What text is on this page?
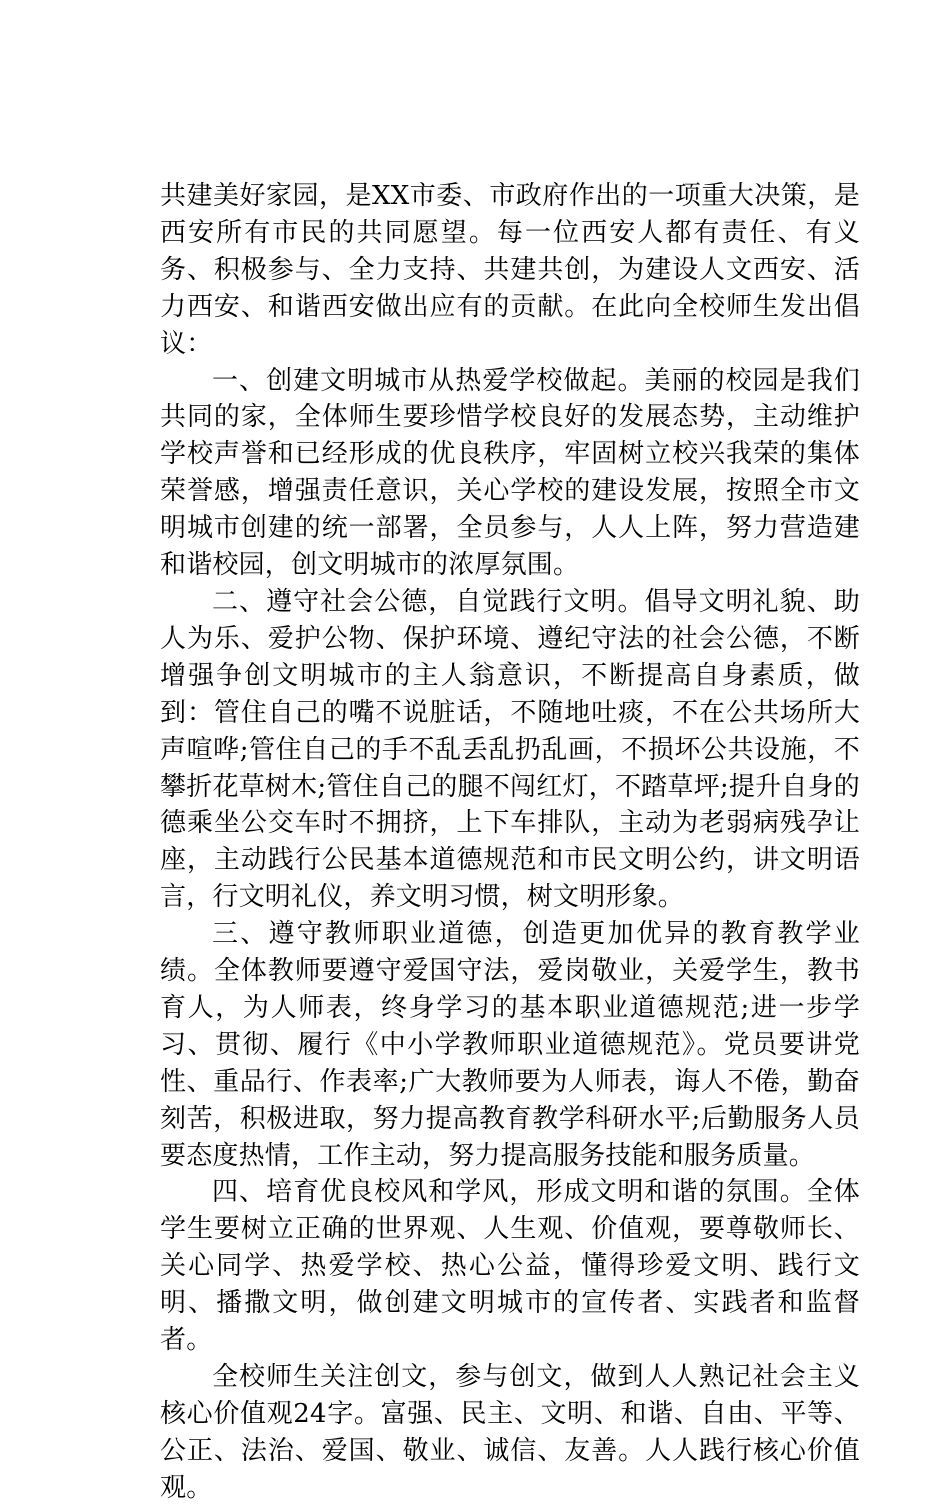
共建美好家园，是XX市委、市政府作出的一项重大决策，是西安所有市民的共同愿望。每一位西安人都有责任、有义务、积极参与、全力支持、共建共创，为建设人文西安、活力西安、和谐西安做出应有的贡献。在此向全校师生发出倡议：

一、创建文明城市从热爱学校做起。美丽的校园是我们共同的家，全体师生要珍惜学校良好的发展态势，主动维护学校声誉和已经形成的优良秩序，牢固树立校兴我荣的集体荣誉感，增强责任意识，关心学校的建设发展，按照全市文明城市创建的统一部署，全员参与，人人上阵，努力营造建和谐校园，创文明城市的浓厚氛围。

二、遵守社会公德，自觉践行文明。倡导文明礼貌、助人为乐、爱护公物、保护环境、遵纪守法的社会公德，不断增强争创文明城市的主人翁意识，不断提高自身素质，做到：管住自己的嘴不说脏话，不随地吐痰，不在公共场所大声喧哗;管住自己的手不乱丢乱扔乱画，不损坏公共设施，不攀折花草树木;管住自己的腿不闯红灯，不踏草坪;提升自身的德乘坐公交车时不拥挤，上下车排队，主动为老弱病残孕让座，主动践行公民基本道德规范和市民文明公约，讲文明语言，行文明礼仪，养文明习惯，树文明形象。

三、遵守教师职业道德，创造更加优异的教育教学业绩。全体教师要遵守爱国守法，爱岗敬业，关爱学生，教书育人，为人师表，终身学习的基本职业道德规范;进一步学习、贯彻、履行《中小学教师职业道德规范》。党员要讲党性、重品行、作表率;广大教师要为人师表，诲人不倦，勤奋刻苦，积极进取，努力提高教育教学科研水平;后勤服务人员要态度热情，工作主动，努力提高服务技能和服务质量。

四、培育优良校风和学风，形成文明和谐的氛围。全体学生要树立正确的世界观、人生观、价值观，要尊敬师长、关心同学、热爱学校、热心公益，懂得珍爱文明、践行文明、播撒文明，做创建文明城市的宣传者、实践者和监督者。

全校师生关注创文，参与创文，做到人人熟记社会主义核心价值观24字。富强、民主、文明、和谐、自由、平等、公正、法治、爱国、敬业、诚信、友善。人人践行核心价值观。
